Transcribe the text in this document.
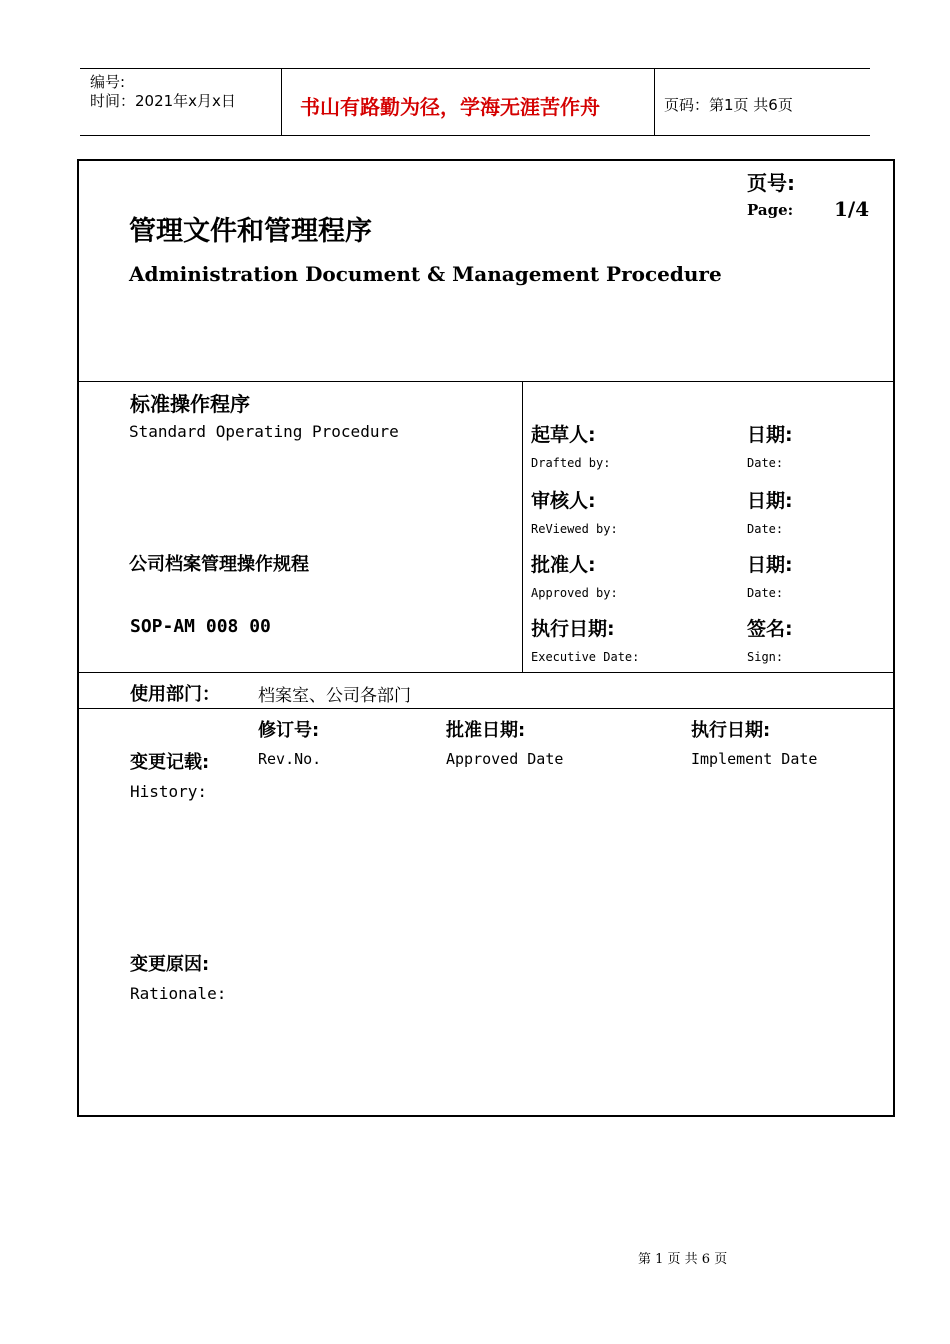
编号:
时间：2021年x月x日	书山有路勤为径，学海无涯苦作舟	页码：第1页 共6页
页号:
Page: 1/4
管理文件和管理程序
Administration Document & Management Procedure
标准操作程序
Standard Operating Procedure
公司档案管理操作规程
SOP-AM 008 00
起草人:
Drafted by:
日期:
Date:
审核人:
ReViewed by:
日期:
Date:
批准人:
Approved by:
日期:
Date:
执行日期:
Executive Date:
签名:
Sign:
使用部门： 档案室、公司各部门
修订号:
Rev.No.
批准日期:
Approved Date
执行日期:
Implement Date
变更记载:
History:
变更原因:
Rationale:
第 1 页 共 6 页
